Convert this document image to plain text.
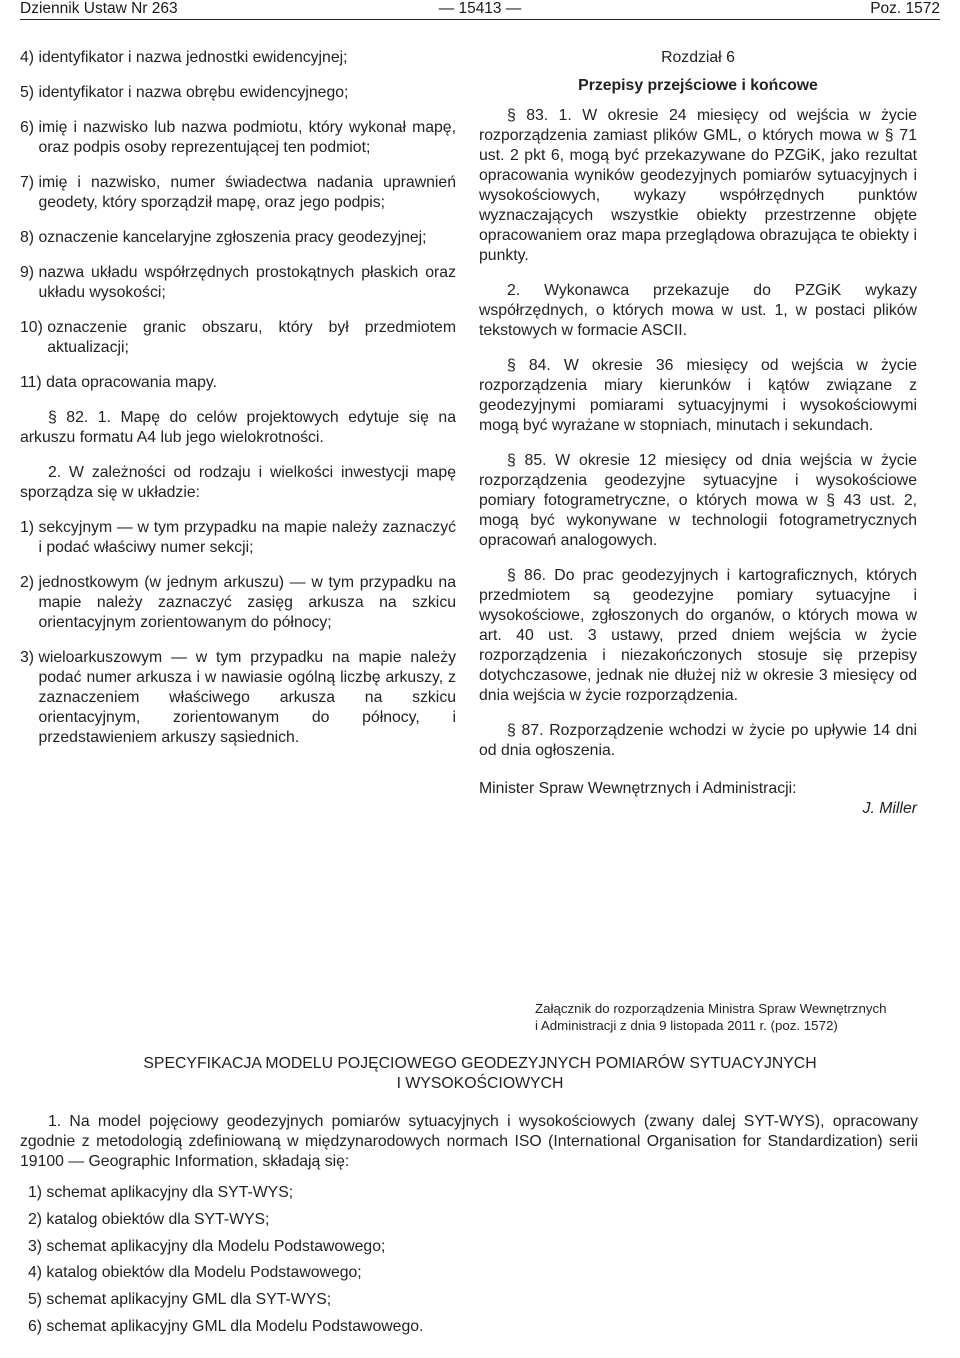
Dziennik Ustaw Nr 263	— 15413 —	Poz. 1572
4)
identyfikator i nazwa jednostki ewidencyjnej;
5)
identyfikator i nazwa obrębu ewidencyjnego;
6)
imię i nazwisko lub nazwa podmiotu, który wykonał mapę, oraz podpis osoby reprezentującej ten podmiot;
7)
imię i nazwisko, numer świadectwa nadania uprawnień geodety, który sporządził mapę, oraz jego podpis;
8)
oznaczenie kancelaryjne zgłoszenia pracy geodezyjnej;
9)
nazwa układu współrzędnych prostokątnych płaskich oraz układu wysokości;
10)
oznaczenie granic obszaru, który był przedmiotem aktualizacji;
11)
data opracowania mapy.

§ 82. 1. Mapę do celów projektowych edytuje się na arkuszu formatu A4 lub jego wielokrotności.

2. W zależności od rodzaju i wielkości inwestycji mapę sporządza się w układzie:

1)
sekcyjnym — w tym przypadku na mapie należy zaznaczyć i podać właściwy numer sekcji;
2)
jednostkowym (w jednym arkuszu) — w tym przypadku na mapie należy zaznaczyć zasięg arkusza na szkicu orientacyjnym zorientowanym do północy;
3)
wieloarkuszowym — w tym przypadku na mapie należy podać numer arkusza i w nawiasie ogólną liczbę arkuszy, z zaznaczeniem właściwego arkusza na szkicu orientacyjnym, zorientowanym do północy, i przedstawieniem arkuszy sąsiednich.
Rozdział 6
Przepisy przejściowe i końcowe

§ 83. 1. W okresie 24 miesięcy od wejścia w życie rozporządzenia zamiast plików GML, o których mowa w § 71 ust. 2 pkt 6, mogą być przekazywane do PZGiK, jako rezultat opracowania wyników geodezyjnych pomiarów sytuacyjnych i wysokościowych, wykazy współrzędnych punktów wyznaczających wszystkie obiekty przestrzenne objęte opracowaniem oraz mapa przeglądowa obrazująca te obiekty i punkty.

2. Wykonawca przekazuje do PZGiK wykazy współrzędnych, o których mowa w ust. 1, w postaci plików tekstowych w formacie ASCII.

§ 84. W okresie 36 miesięcy od wejścia w życie rozporządzenia miary kierunków i kątów związane z geodezyjnymi pomiarami sytuacyjnymi i wysokościowymi mogą być wyrażane w stopniach, minutach i sekundach.

§ 85. W okresie 12 miesięcy od dnia wejścia w życie rozporządzenia geodezyjne sytuacyjne i wysokościowe pomiary fotogrametryczne, o których mowa w § 43 ust. 2, mogą być wykonywane w technologii fotogrametrycznych opracowań analogowych.

§ 86. Do prac geodezyjnych i kartograficznych, których przedmiotem są geodezyjne pomiary sytuacyjne i wysokościowe, zgłoszonych do organów, o których mowa w art. 40 ust. 3 ustawy, przed dniem wejścia w życie rozporządzenia i niezakończonych stosuje się przepisy dotychczasowe, jednak nie dłużej niż w okresie 3 miesięcy od dnia wejścia w życie rozporządzenia.

§ 87. Rozporządzenie wchodzi w życie po upływie 14 dni od dnia ogłoszenia.

Minister Spraw Wewnętrznych i Administracji:
J. Miller
Załącznik do rozporządzenia Ministra Spraw Wewnętrznych
i Administracji z dnia 9 listopada 2011 r. (poz. 1572)
SPECYFIKACJA MODELU POJĘCIOWEGO GEODEZYJNYCH POMIARÓW SYTUACYJNYCH
I WYSOKOŚCIOWYCH

1. Na model pojęciowy geodezyjnych pomiarów sytuacyjnych i wysokościowych (zwany dalej SYT-WYS), opracowany zgodnie z metodologią zdefiniowaną w międzynarodowych normach ISO (International Organisation for Standardization) serii 19100 — Geographic Information, składają się:

1) schemat aplikacyjny dla SYT-WYS;
2) katalog obiektów dla SYT-WYS;
3) schemat aplikacyjny dla Modelu Podstawowego;
4) katalog obiektów dla Modelu Podstawowego;
5) schemat aplikacyjny GML dla SYT-WYS;
6) schemat aplikacyjny GML dla Modelu Podstawowego.
